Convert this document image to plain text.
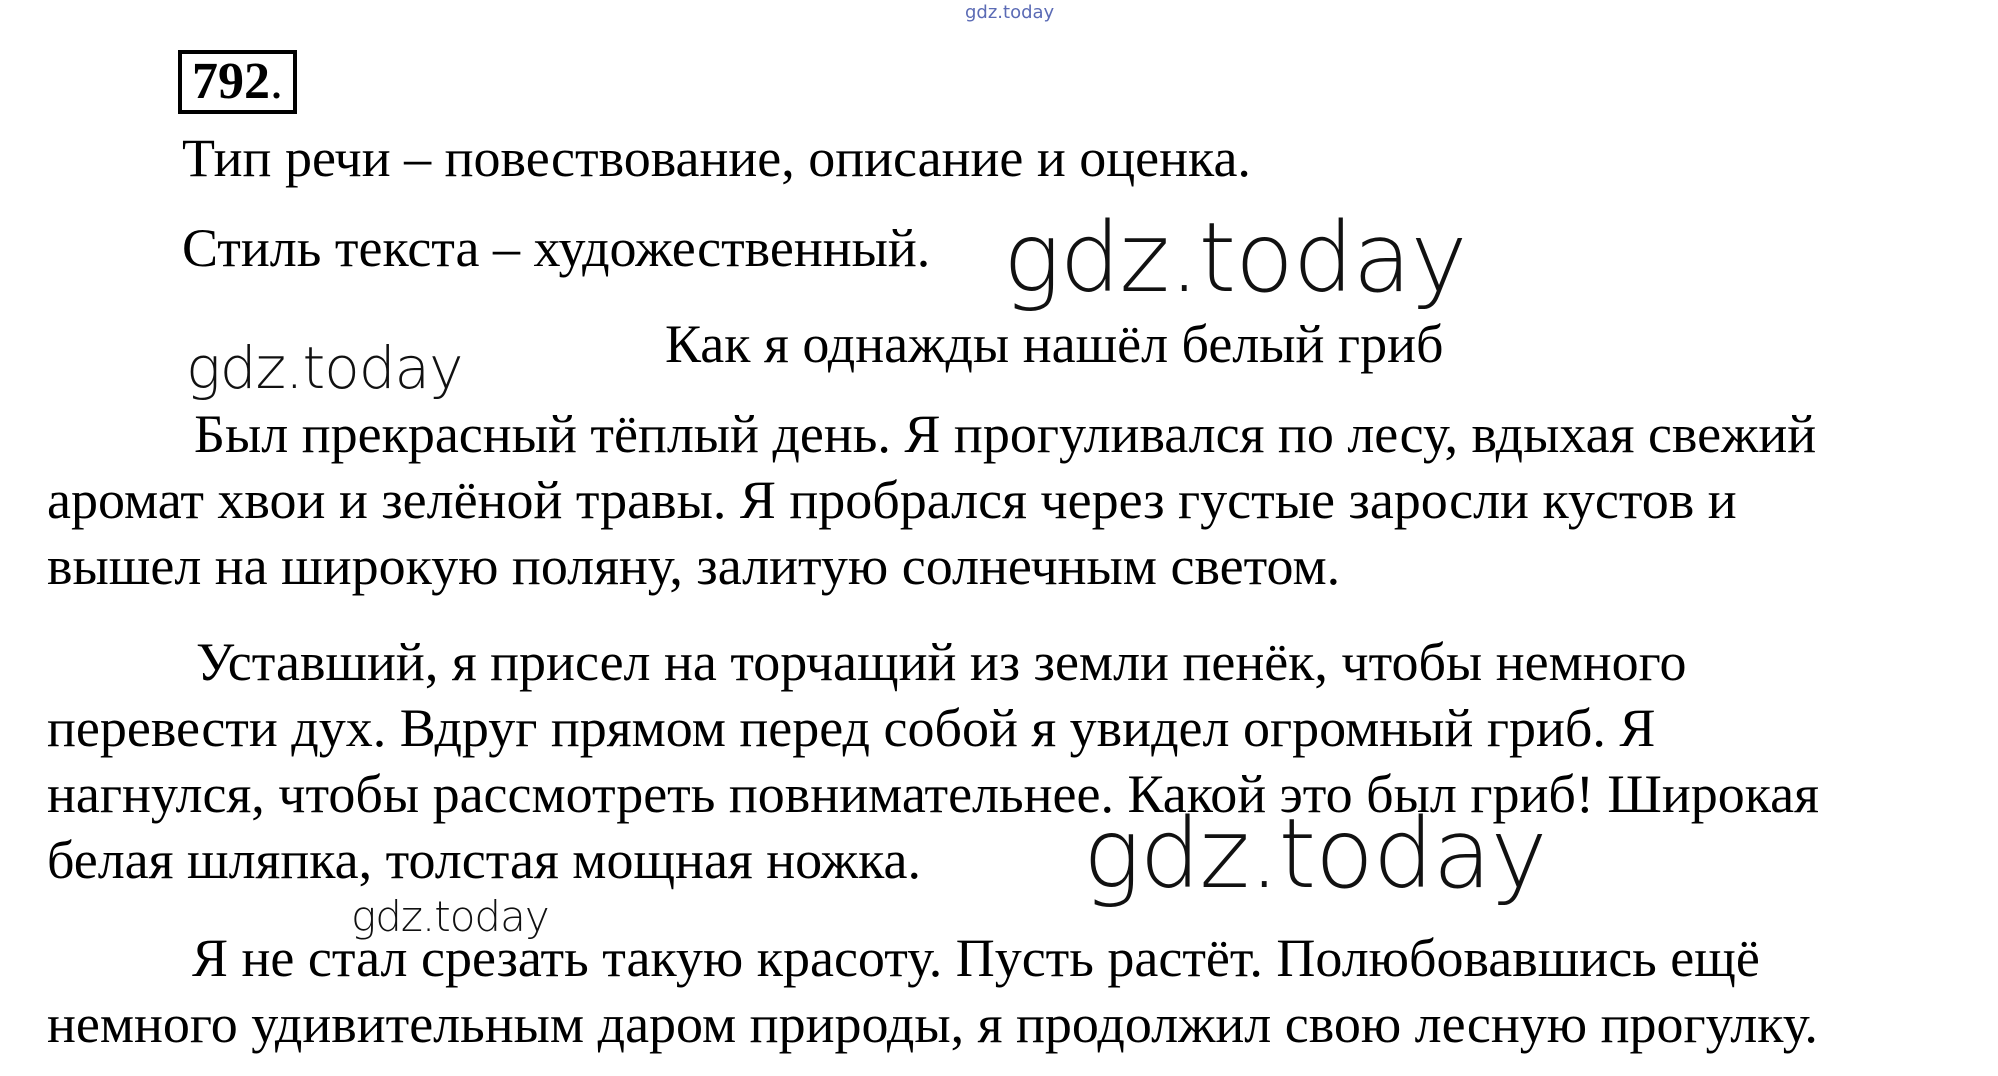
gdz.today
792.
Тип речи – повествование, описание и оценка.
Стиль текста – художественный. gdz.today
gdz.today	Как я однажды нашёл белый гриб
Был прекрасный тёплый день. Я прогуливался по лесу, вдыхая свежий
аромат хвои и зелёной травы. Я пробрался через густые заросли кустов и
вышел на широкую поляну, залитую солнечным светом.
Уставший, я присел на торчащий из земли пенёк, чтобы немного
перевести дух. Вдруг прямом перед собой я увидел огромный гриб. Я
нагнулся, чтобы рассмотреть повнимательнее. Какой это был гриб! Широкая
белая шляпка, толстая мощная ножка. gdz.today
gdz.today
Я не стал срезать такую красоту. Пусть растёт. Полюбовавшись ещё
немного удивительным даром природы, я продолжил свою лесную прогулку.
